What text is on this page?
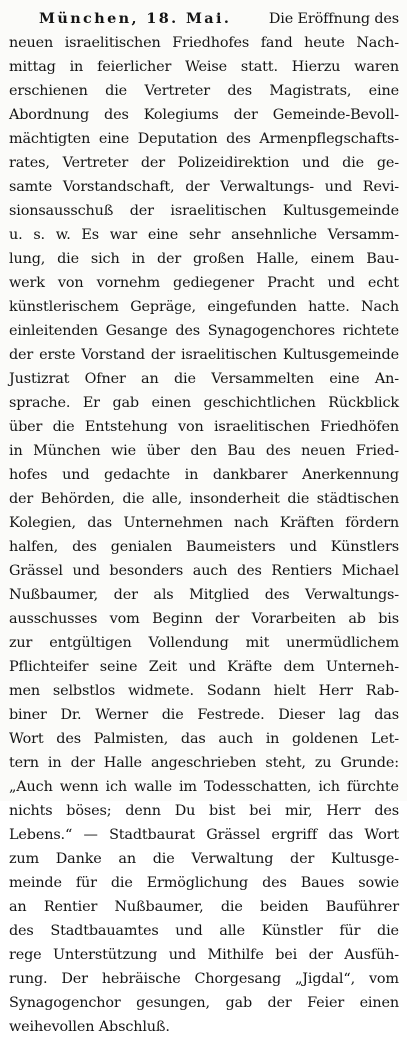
München, 18. Mai.	Die Eröffnung des
neuen israelitischen Friedhofes fand heute Nach-
mittag in feierlicher Weise statt. Hierzu waren
erschienen die Vertreter des Magistrats, eine
Abordnung des Kolegiums der Gemeinde-Bevoll-
mächtigten eine Deputation des Armenpflegschafts-
rates, Vertreter der Polizeidirektion und die ge-
samte Vorstandschaft, der Verwaltungs- und Revi-
sionsausschuß der israelitischen Kultusgemeinde
u. s. w. Es war eine sehr ansehnliche Versamm-
lung, die sich in der großen Halle, einem Bau-
werk von vornehm gediegener Pracht und echt
künstlerischem Gepräge, eingefunden hatte. Nach
einleitenden Gesange des Synagogenchores richtete
der erste Vorstand der israelitischen Kultusgemeinde
Justizrat Ofner an die Versammelten eine An-
sprache. Er gab einen geschichtlichen Rückblick
über die Entstehung von israelitischen Friedhöfen
in München wie über den Bau des neuen Fried-
hofes und gedachte in dankbarer Anerkennung
der Behörden, die alle, insonderheit die städtischen
Kolegien, das Unternehmen nach Kräften fördern
halfen, des genialen Baumeisters und Künstlers
Grässel und besonders auch des Rentiers Michael
Nußbaumer, der als Mitglied des Verwaltungs-
ausschusses vom Beginn der Vorarbeiten ab bis
zur entgültigen Vollendung mit unermüdlichem
Pflichteifer seine Zeit und Kräfte dem Unterneh-
men selbstlos widmete. Sodann hielt Herr Rab-
biner Dr. Werner die Festrede. Dieser lag das
Wort des Palmisten, das auch in goldenen Let-
tern in der Halle angeschrieben steht, zu Grunde:
„Auch wenn ich walle im Todesschatten, ich fürchte
nichts böses; denn Du bist bei mir, Herr des
Lebens.“ — Stadtbaurat Grässel ergriff das Wort
zum Danke an die Verwaltung der Kultusge-
meinde für die Ermöglichung des Baues sowie
an Rentier Nußbaumer, die beiden Bauführer
des Stadtbauamtes und alle Künstler für die
rege Unterstützung und Mithilfe bei der Ausfüh-
rung. Der hebräische Chorgesang „Jigdal“, vom
Synagogenchor gesungen, gab der Feier einen
weihevollen Abschluß.
